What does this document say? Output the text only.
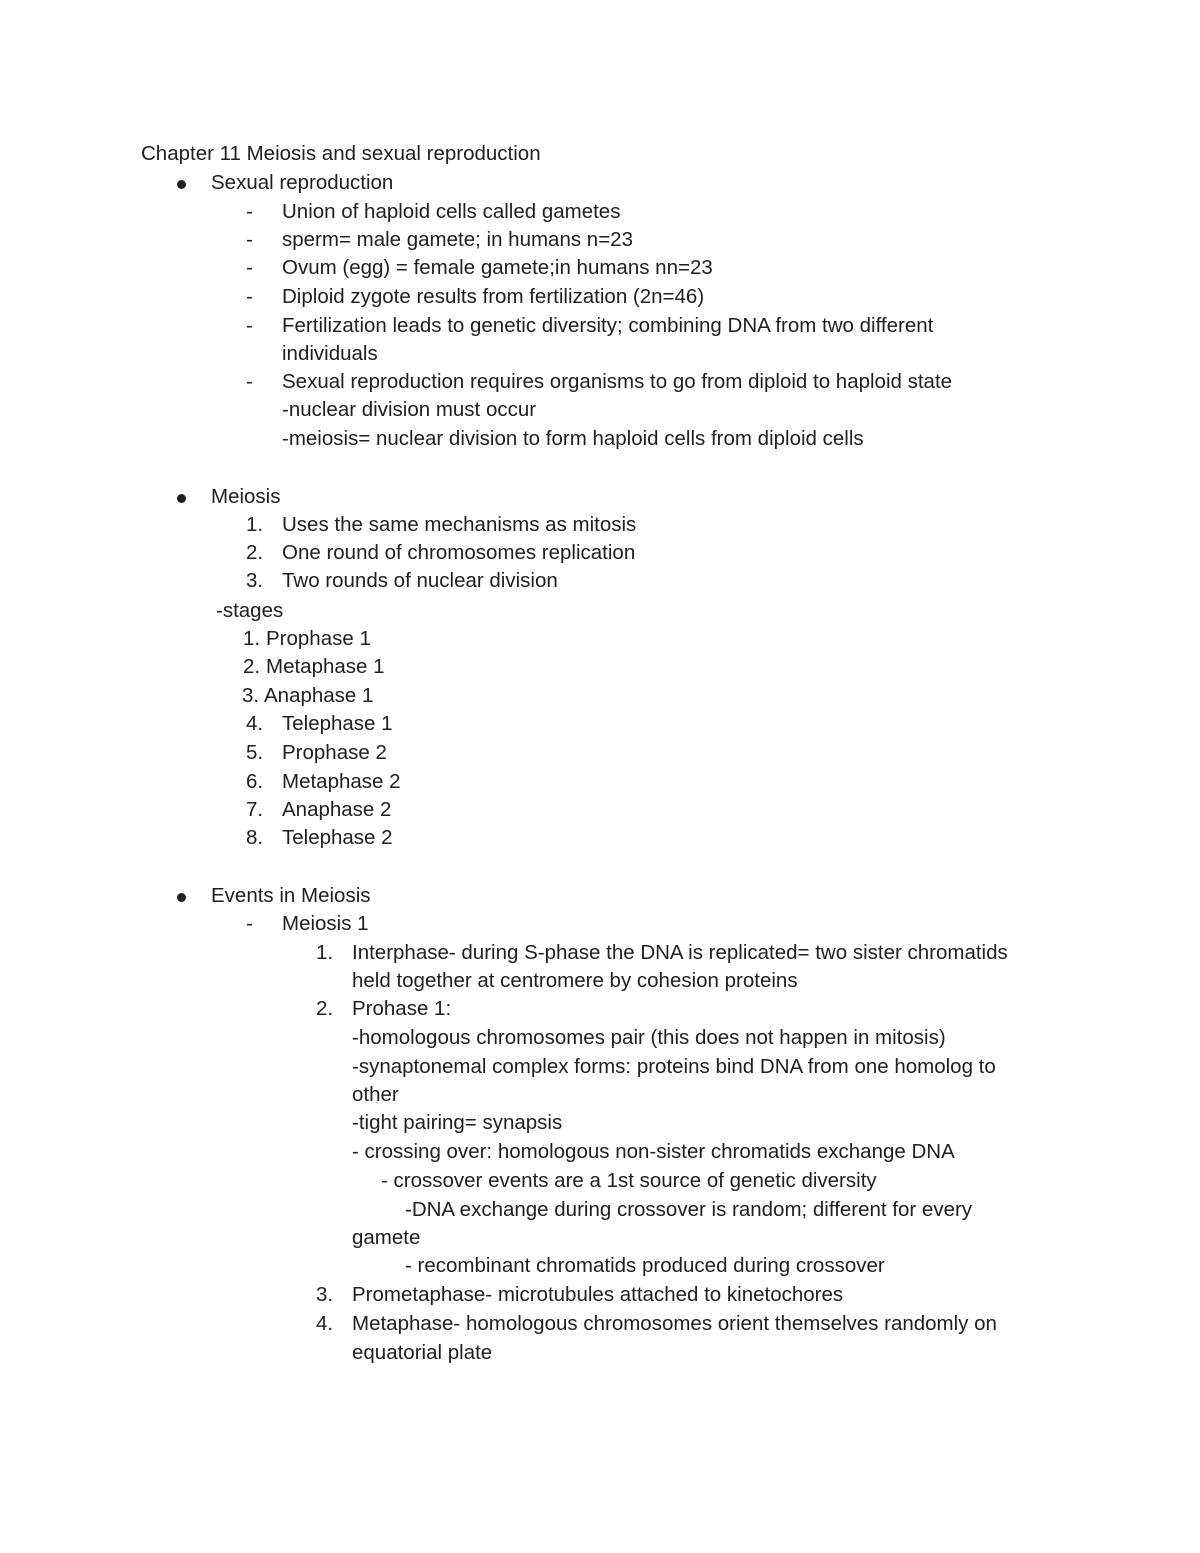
Chapter 11 Meiosis and sexual reproduction
Sexual reproduction
- Union of haploid cells called gametes
- sperm= male gamete; in humans n=23
- Ovum (egg) = female gamete;in humans nn=23
- Diploid zygote results from fertilization (2n=46)
- Fertilization leads to genetic diversity; combining DNA from two different
individuals
- Sexual reproduction requires organisms to go from diploid to haploid state
-nuclear division must occur
-meiosis= nuclear division to form haploid cells from diploid cells
Meiosis
1. Uses the same mechanisms as mitosis
2. One round of chromosomes replication
3. Two rounds of nuclear division
-stages
1. Prophase 1
2. Metaphase 1
3. Anaphase 1
4. Telephase 1
5. Prophase 2
6. Metaphase 2
7. Anaphase 2
8. Telephase 2
Events in Meiosis
- Meiosis 1
1. Interphase- during S-phase the DNA is replicated= two sister chromatids
held together at centromere by cohesion proteins
2. Prohase 1:
-homologous chromosomes pair (this does not happen in mitosis)
-synaptonemal complex forms: proteins bind DNA from one homolog to
other
-tight pairing= synapsis
- crossing over: homologous non-sister chromatids exchange DNA
- crossover events are a 1st source of genetic diversity
-DNA exchange during crossover is random; different for every
gamete
- recombinant chromatids produced during crossover
3. Prometaphase- microtubules attached to kinetochores
4. Metaphase- homologous chromosomes orient themselves randomly on
equatorial plate
